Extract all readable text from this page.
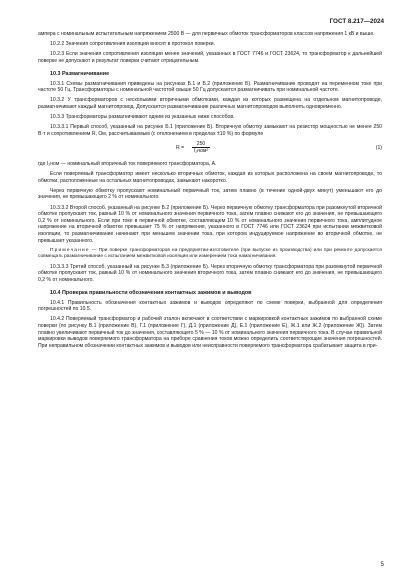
ГОСТ 8.217—2024

ампера с номинальным испытательным напряжением 2500 В — для первичных обмоток трансформаторов классов напряжения 1 кВ и выше.

10.2.2 Значения сопротивления изоляции вносят в протокол поверки.

10.2.3 Если значения сопротивления изоляции менее значений, указанных в ГОСТ 7746 и ГОСТ 23624, то трансформатор к дальнейшей поверке не допускают и результат поверки считают отрицательным.

10.3 Размагничивание

10.3.1 Схемы размагничивания приведены на рисунках Б.1 и Б.2 (приложение Б). Размагничивание проводят на переменном токе при частоте 50 Гц. Трансформаторы с номинальной частотой свыше 50 Гц допускается размагничивать при номинальной частоте.

10.3.2 У трансформаторов с несколькими вторичными обмотками, каждая из которых размещена на отдельном магнитопроводе, размагничивают каждый магнитопровод. Допускается размагничивание различных магнитопроводов выполнять одновременно.

10.3.3 Трансформаторы размагничивают одним из указанных ниже способов.

10.3.3.1 Первый способ, указанный на рисунке Б.1 (приложение Б). Вторичную обмотку замыкают на резистор мощностью не менее 250 В·т и сопротивлением R, Ом, рассчитываемым (с отклонением в пределах ±10 %) по формуле

R =
250
I₂ном²
(1)

где I₂ном — номинальный вторичный ток поверяемого трансформатора, А.

Если поверяемый трансформатор имеет несколько вторичных обмоток, каждая из которых расположена на своем магнитопроводе, то обмотки, расположенные на остальных магнитопроводах, замыкают накоротко.

Через первичную обмотку пропускают номинальный первичный ток, затем плавно (в течение одной-двух минут) уменьшают его до значения, не превышающего 2 % от номинального.

10.3.3.2 Второй способ, указанный на рисунке Б.2 (приложение Б). Через первичную обмотку трансформатора при разомкнутой вторичной обмотке пропускают ток, равный 10 % от номинального значения первичного тока, затем плавно снижают его до значения, не превышающего 0,2 % от номинального. Если при токе в первичной обмотке, составляющем 10 % от номинального значения первичного тока, амплитудное напряжение на вторичной обмотке превышает 75 % от напряжения, указанного в ГОСТ 7746 или ГОСТ 23624 при испытании межвитковой изоляции, то размагничивание начинают при меньшем значении тока, при котором индуцируемое напряжение во вторичной обмотке, не превышает указанного.

Примечание — При поверке трансформаторов на предприятии-изготовителе (при выпуске из производства) или при ремонте допускается совмещать размагничивание с испытанием межвитковой изоляции или измерением тока намагничивания.

10.3.3.3 Третий способ, указанный на рисунке Б.3 (приложение Б). Через вторичную обмотку трансформатора при разомкнутой первичной обмотке пропускают ток, равный 10 % от номинального значения вторичного тока, затем плавно снижают его до значения, не превышающего 0,2 % от номинального.

10.4 Проверка правильности обозначения контактных зажимов и выводов

10.4.1 Правильность обозначения контактных зажимов и выводов определяют по схеме поверки, выбранной для определения погрешностей по 10.5.

10.4.2 Поверяемый трансформатор и рабочий эталон включают в соответствии с маркировкой контактных зажимов по выбранной схеме поверки (по рисунку В.1 (приложение В), Г.1 (приложение Г), Д.1 (приложение Д), Е.1 (приложение Е), Ж.1 или Ж.2 (приложение Ж)). Затем плавно увеличивают первичный ток до значения, составляющего 5 % — 10 % от номинального значения первичного тока. В случае правильной маркировки выводов поверяемого трансформатора на приборе сравнения токов можно определить соответствующие значения погрешностей. При неправильном обозначении контактных зажимов и выводов или неисправности поверяемого трансформатора срабатывает защита в при-

5
